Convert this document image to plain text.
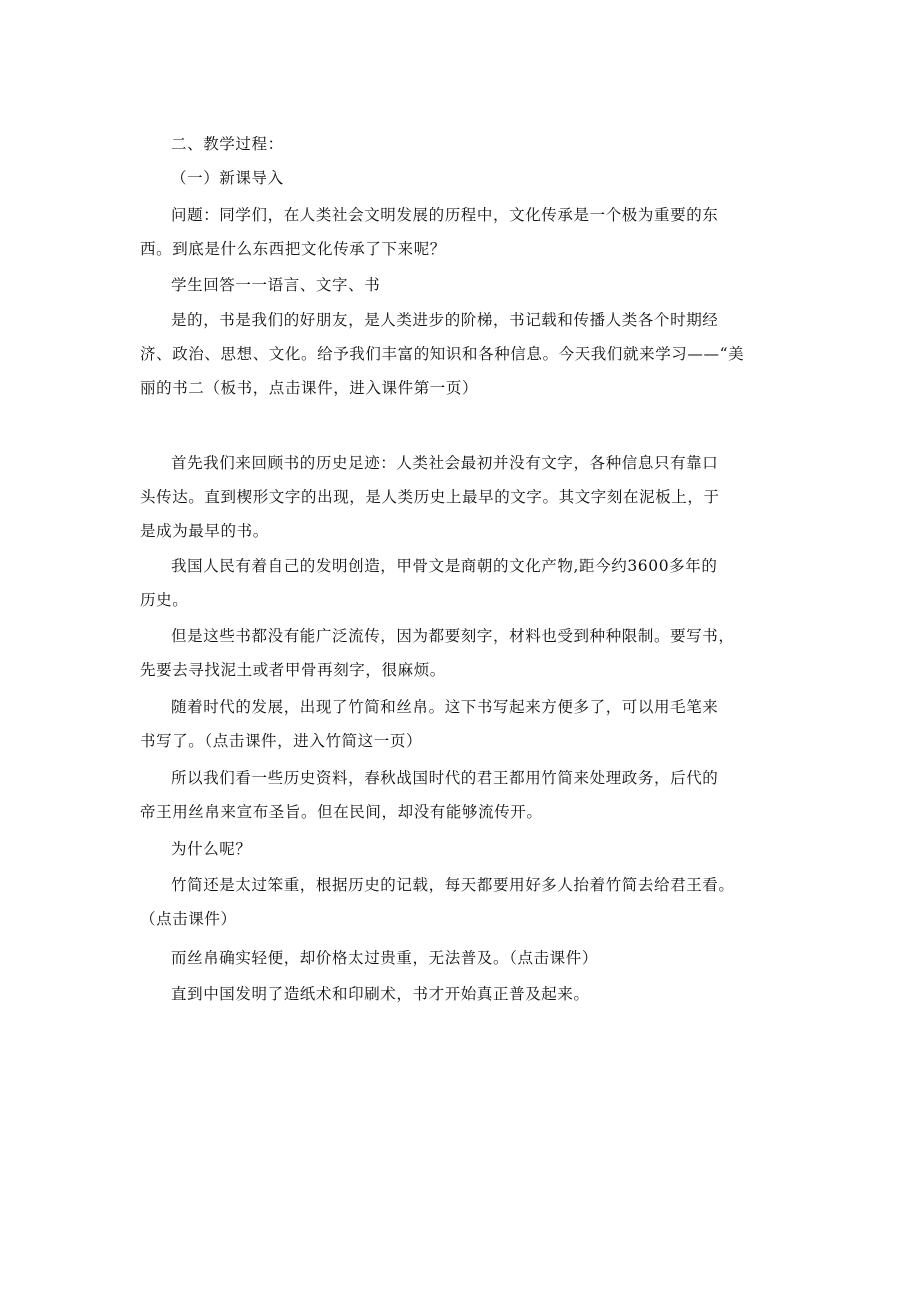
二、教学过程：

（一）新课导入

问题：同学们，在人类社会文明发展的历程中，文化传承是一个极为重要的东
西。到底是什么东西把文化传承了下来呢？

学生回答一一语言、文字、书

是的，书是我们的好朋友，是人类进步的阶梯，书记载和传播人类各个时期经
济、政治、思想、文化。给予我们丰富的知识和各种信息。今天我们就来学习——“美
丽的书二（板书，点击课件，进入课件第一页）

首先我们来回顾书的历史足迹：人类社会最初并没有文字，各种信息只有靠口
头传达。直到楔形文字的出现，是人类历史上最早的文字。其文字刻在泥板上，于
是成为最早的书。

我国人民有着自己的发明创造，甲骨文是商朝的文化产物,距今约3600多年的
历史。

但是这些书都没有能广泛流传，因为都要刻字，材料也受到种种限制。要写书，
先要去寻找泥土或者甲骨再刻字，很麻烦。

随着时代的发展，出现了竹简和丝帛。这下书写起来方便多了，可以用毛笔来
书写了。（点击课件，进入竹简这一页）

所以我们看一些历史资料，春秋战国时代的君王都用竹简来处理政务，后代的
帝王用丝帛来宣布圣旨。但在民间，却没有能够流传开。

为什么呢？

竹简还是太过笨重，根据历史的记载，每天都要用好多人抬着竹简去给君王看。
（点击课件）

而丝帛确实轻便，却价格太过贵重，无法普及。（点击课件）

直到中国发明了造纸术和印刷术，书才开始真正普及起来。
